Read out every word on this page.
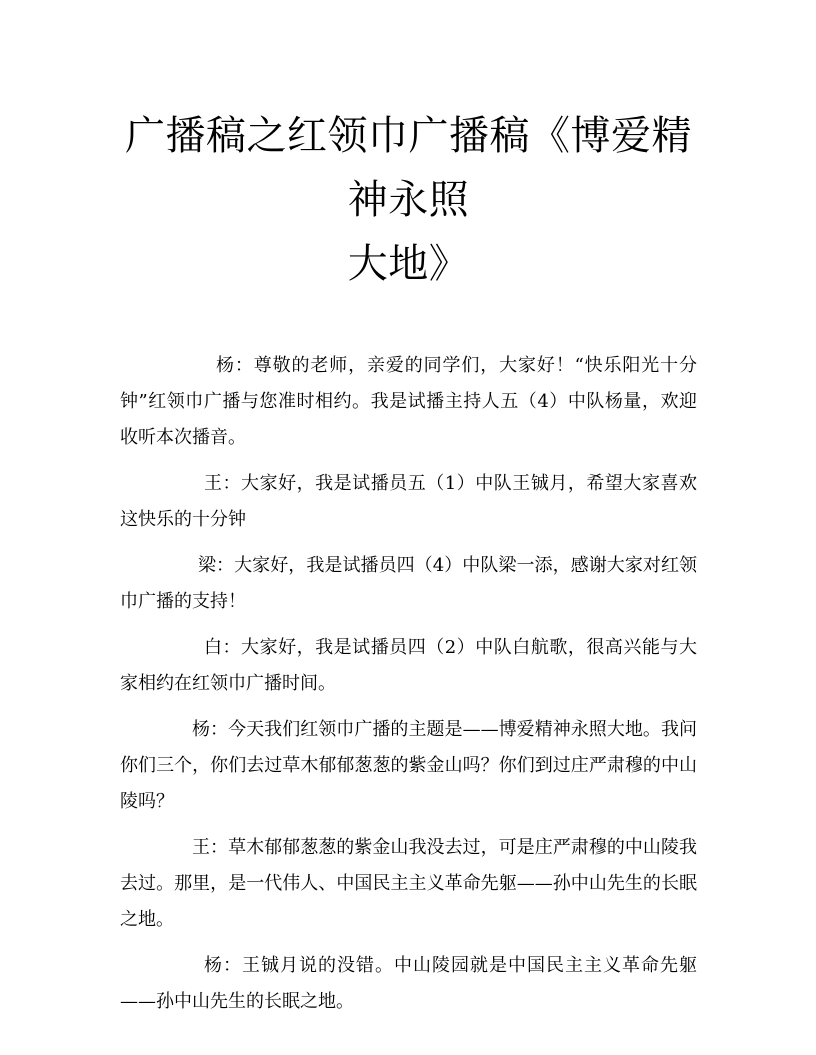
广播稿之红领巾广播稿《博爱精神永照
大地》

杨：尊敬的老师，亲爱的同学们，大家好！“快乐阳光十分钟”红领巾广播与您准时相约。我是试播主持人五（4）中队杨量，欢迎收听本次播音。

王：大家好，我是试播员五（1）中队王铖月，希望大家喜欢这快乐的十分钟

梁：大家好，我是试播员四（4）中队梁一添，感谢大家对红领巾广播的支持！

白：大家好，我是试播员四（2）中队白航歌，很高兴能与大家相约在红领巾广播时间。

杨：今天我们红领巾广播的主题是——博爱精神永照大地。我问你们三个，你们去过草木郁郁葱葱的紫金山吗？你们到过庄严肃穆的中山陵吗？

王：草木郁郁葱葱的紫金山我没去过，可是庄严肃穆的中山陵我去过。那里，是一代伟人、中国民主主义革命先躯——孙中山先生的长眠之地。

杨：王铖月说的没错。中山陵园就是中国民主主义革命先躯——孙中山先生的长眠之地。
